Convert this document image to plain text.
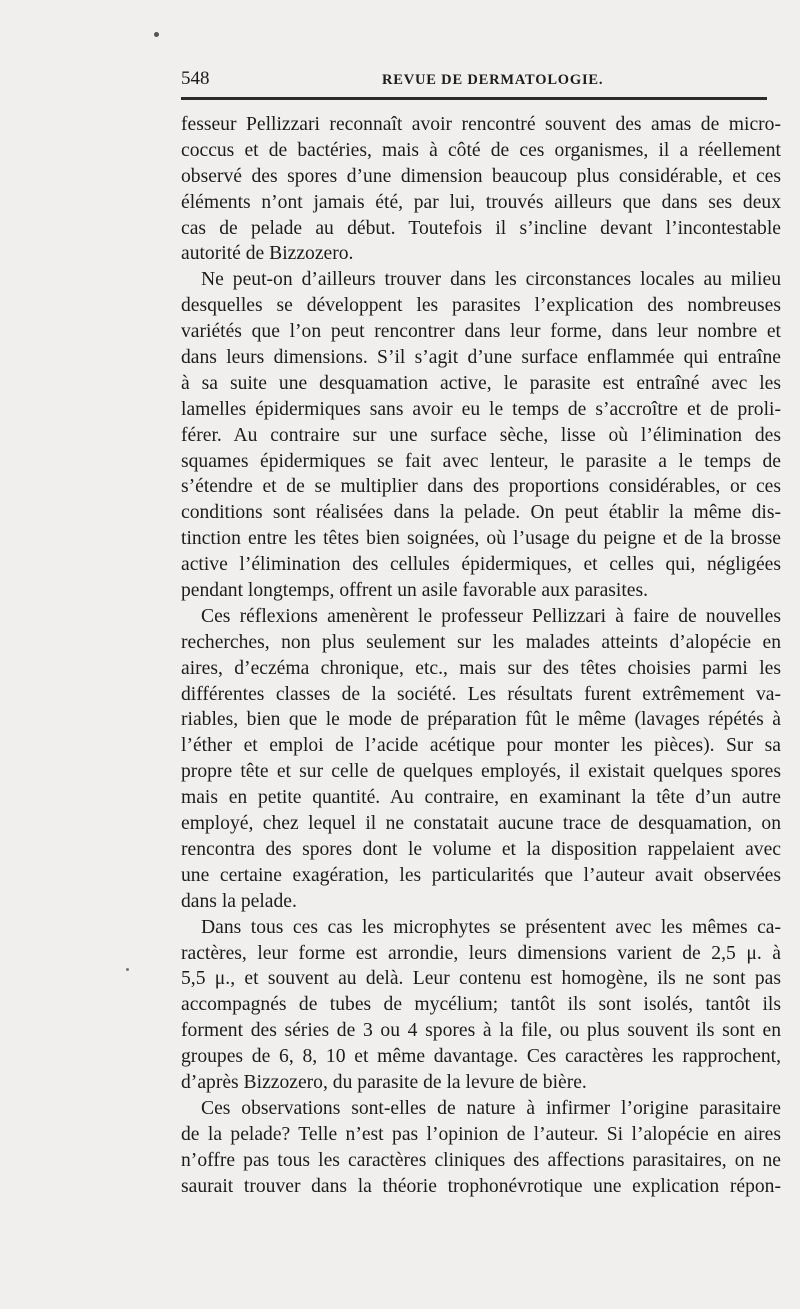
548	REVUE DE DERMATOLOGIE.
fesseur Pellizzari reconnaît avoir rencontré souvent des amas de micro-
coccus et de bactéries, mais à côté de ces organismes, il a réellement
observé des spores d’une dimension beaucoup plus considérable, et ces
éléments n’ont jamais été, par lui, trouvés ailleurs que dans ses deux
cas de pelade au début. Toutefois il s’incline devant l’incontestable
autorité de Bizzozero.
Ne peut-on d’ailleurs trouver dans les circonstances locales au milieu
desquelles se développent les parasites l’explication des nombreuses
variétés que l’on peut rencontrer dans leur forme, dans leur nombre et
dans leurs dimensions. S’il s’agit d’une surface enflammée qui entraîne
à sa suite une desquamation active, le parasite est entraîné avec les
lamelles épidermiques sans avoir eu le temps de s’accroître et de proli-
férer. Au contraire sur une surface sèche, lisse où l’élimination des
squames épidermiques se fait avec lenteur, le parasite a le temps de
s’étendre et de se multiplier dans des proportions considérables, or ces
conditions sont réalisées dans la pelade. On peut établir la même dis-
tinction entre les têtes bien soignées, où l’usage du peigne et de la brosse
active l’élimination des cellules épidermiques, et celles qui, négligées
pendant longtemps, offrent un asile favorable aux parasites.
Ces réflexions amenèrent le professeur Pellizzari à faire de nouvelles
recherches, non plus seulement sur les malades atteints d’alopécie en
aires, d’eczéma chronique, etc., mais sur des têtes choisies parmi les
différentes classes de la société. Les résultats furent extrêmement va-
riables, bien que le mode de préparation fût le même (lavages répétés à
l’éther et emploi de l’acide acétique pour monter les pièces). Sur sa
propre tête et sur celle de quelques employés, il existait quelques spores
mais en petite quantité. Au contraire, en examinant la tête d’un autre
employé, chez lequel il ne constatait aucune trace de desquamation, on
rencontra des spores dont le volume et la disposition rappelaient avec
une certaine exagération, les particularités que l’auteur avait observées
dans la pelade.
Dans tous ces cas les microphytes se présentent avec les mêmes ca-
ractères, leur forme est arrondie, leurs dimensions varient de 2,5 μ. à
5,5 μ., et souvent au delà. Leur contenu est homogène, ils ne sont pas
accompagnés de tubes de mycélium; tantôt ils sont isolés, tantôt ils
forment des séries de 3 ou 4 spores à la file, ou plus souvent ils sont en
groupes de 6, 8, 10 et même davantage. Ces caractères les rapprochent,
d’après Bizzozero, du parasite de la levure de bière.
Ces observations sont-elles de nature à infirmer l’origine parasitaire
de la pelade? Telle n’est pas l’opinion de l’auteur. Si l’alopécie en aires
n’offre pas tous les caractères cliniques des affections parasitaires, on ne
saurait trouver dans la théorie trophonévrotique une explication répon-
